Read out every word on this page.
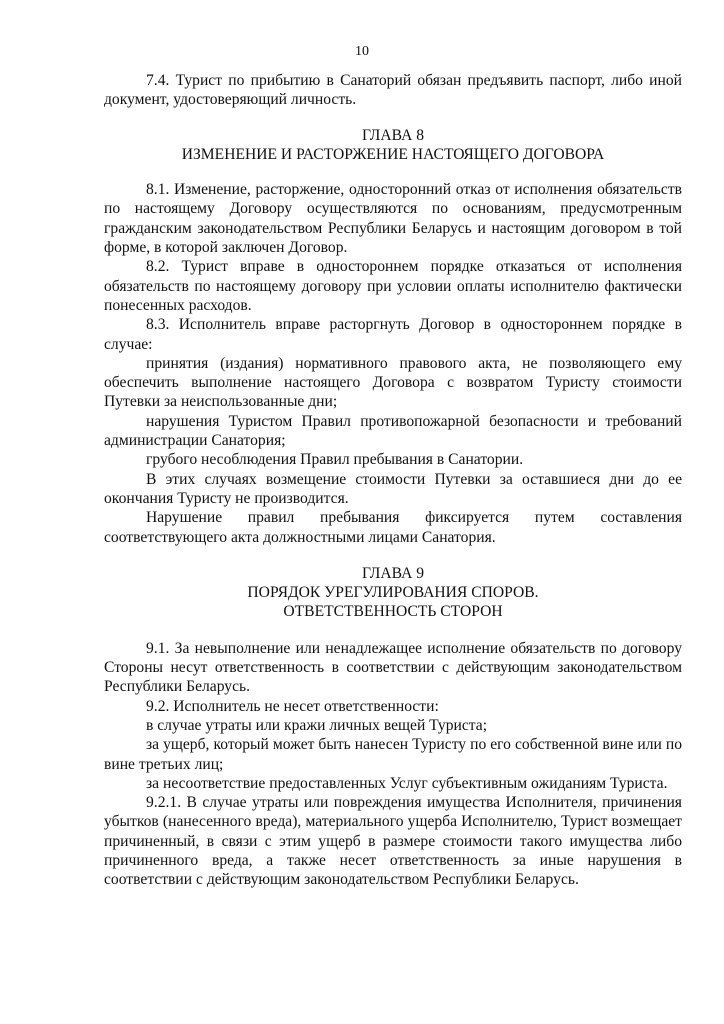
10

7.4. Турист по прибытию в Санаторий обязан предъявить паспорт, либо иной документ, удостоверяющий личность.

ГЛАВА 8
ИЗМЕНЕНИЕ И РАСТОРЖЕНИЕ НАСТОЯЩЕГО ДОГОВОРА

8.1. Изменение, расторжение, односторонний отказ от исполнения обязательств по настоящему Договору осуществляются по основаниям, предусмотренным гражданским законодательством Республики Беларусь и настоящим договором в той форме, в которой заключен Договор.

8.2. Турист вправе в одностороннем порядке отказаться от исполнения обязательств по настоящему договору при условии оплаты исполнителю фактически понесенных расходов.

8.3. Исполнитель вправе расторгнуть Договор в одностороннем порядке в случае:

принятия (издания) нормативного правового акта, не позволяющего ему обеспечить выполнение настоящего Договора с возвратом Туристу стоимости Путевки за неиспользованные дни;

нарушения Туристом Правил противопожарной безопасности и требований администрации Санатория;

грубого несоблюдения Правил пребывания в Санатории.

В этих случаях возмещение стоимости Путевки за оставшиеся дни до ее окончания Туристу не производится.

Нарушение правил пребывания фиксируется путем составления соответствующего акта должностными лицами Санатория.

ГЛАВА 9
ПОРЯДОК УРЕГУЛИРОВАНИЯ СПОРОВ.
ОТВЕТСТВЕННОСТЬ СТОРОН

9.1. За невыполнение или ненадлежащее исполнение обязательств по договору Стороны несут ответственность в соответствии с действующим законодательством Республики Беларусь.

9.2. Исполнитель не несет ответственности:

в случае утраты или кражи личных вещей Туриста;

за ущерб, который может быть нанесен Туристу по его собственной вине или по вине третьих лиц;

за несоответствие предоставленных Услуг субъективным ожиданиям Туриста.

9.2.1. В случае утраты или повреждения имущества Исполнителя, причинения убытков (нанесенного вреда), материального ущерба Исполнителю, Турист возмещает причиненный, в связи с этим ущерб в размере стоимости такого имущества либо причиненного вреда, а также несет ответственность за иные нарушения в соответствии с действующим законодательством Республики Беларусь.
